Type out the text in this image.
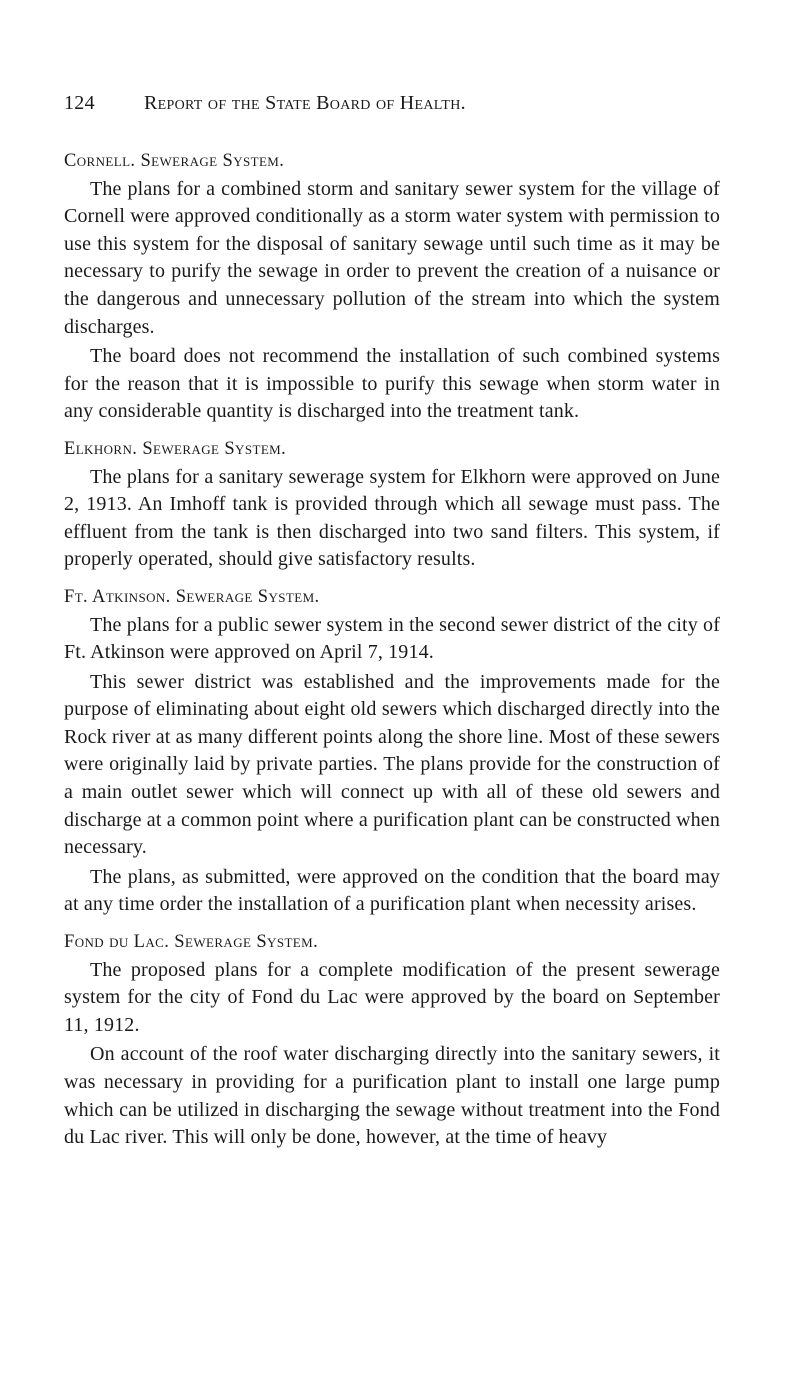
124	Report of the State Board of Health.
Cornell. Sewerage System.

The plans for a combined storm and sanitary sewer system for the village of Cornell were approved conditionally as a storm water system with permission to use this system for the disposal of sanitary sewage until such time as it may be necessary to purify the sewage in order to prevent the creation of a nuisance or the dangerous and unnecessary pollution of the stream into which the system discharges.

The board does not recommend the installation of such combined systems for the reason that it is impossible to purify this sewage when storm water in any considerable quantity is discharged into the treatment tank.

Elkhorn. Sewerage System.

The plans for a sanitary sewerage system for Elkhorn were approved on June 2, 1913. An Imhoff tank is provided through which all sewage must pass. The effluent from the tank is then discharged into two sand filters. This system, if properly operated, should give satisfactory results.

Ft. Atkinson. Sewerage System.

The plans for a public sewer system in the second sewer district of the city of Ft. Atkinson were approved on April 7, 1914.

This sewer district was established and the improvements made for the purpose of eliminating about eight old sewers which discharged directly into the Rock river at as many different points along the shore line. Most of these sewers were originally laid by private parties. The plans provide for the construction of a main outlet sewer which will connect up with all of these old sewers and discharge at a common point where a purification plant can be constructed when necessary.

The plans, as submitted, were approved on the condition that the board may at any time order the installation of a purification plant when necessity arises.

Fond du Lac. Sewerage System.

The proposed plans for a complete modification of the present sewerage system for the city of Fond du Lac were approved by the board on September 11, 1912.

On account of the roof water discharging directly into the sanitary sewers, it was necessary in providing for a purification plant to install one large pump which can be utilized in discharging the sewage without treatment into the Fond du Lac river. This will only be done, however, at the time of heavy
